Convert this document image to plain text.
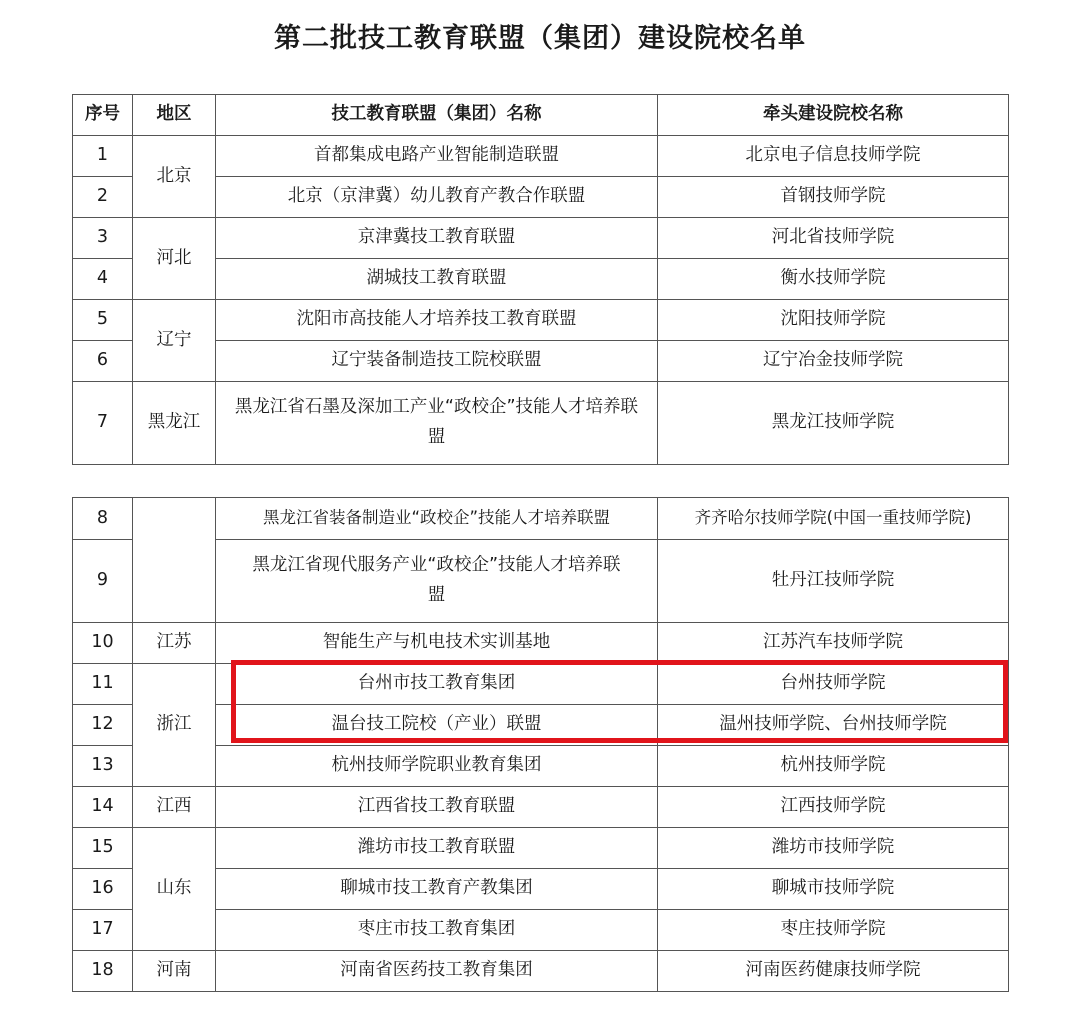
第二批技工教育联盟（集团）建设院校名单
序号	地区	技工教育联盟（集团）名称	牵头建设院校名称
1	北京	首都集成电路产业智能制造联盟	北京电子信息技师学院
2		北京（京津冀）幼儿教育产教合作联盟	首钢技师学院
3	河北	京津冀技工教育联盟	河北省技师学院
4		湖城技工教育联盟	衡水技师学院
5	辽宁	沈阳市高技能人才培养技工教育联盟	沈阳技师学院
6		辽宁装备制造技工院校联盟	辽宁冶金技师学院
7	黑龙江	黑龙江省石墨及深加工产业“政校企”技能人才培养联盟	黑龙江技师学院
8		黑龙江省装备制造业“政校企”技能人才培养联盟	齐齐哈尔技师学院(中国一重技师学院)
9		黑龙江省现代服务产业“政校企”技能人才培养联盟	牡丹江技师学院
10	江苏	智能生产与机电技术实训基地	江苏汽车技师学院
11	浙江	台州市技工教育集团	台州技师学院
12		温台技工院校（产业）联盟	温州技师学院、台州技师学院
13		杭州技师学院职业教育集团	杭州技师学院
14	江西	江西省技工教育联盟	江西技师学院
15	山东	潍坊市技工教育联盟	潍坊市技师学院
16		聊城市技工教育产教集团	聊城市技师学院
17		枣庄市技工教育集团	枣庄技师学院
18	河南	河南省医药技工教育集团	河南医药健康技师学院
